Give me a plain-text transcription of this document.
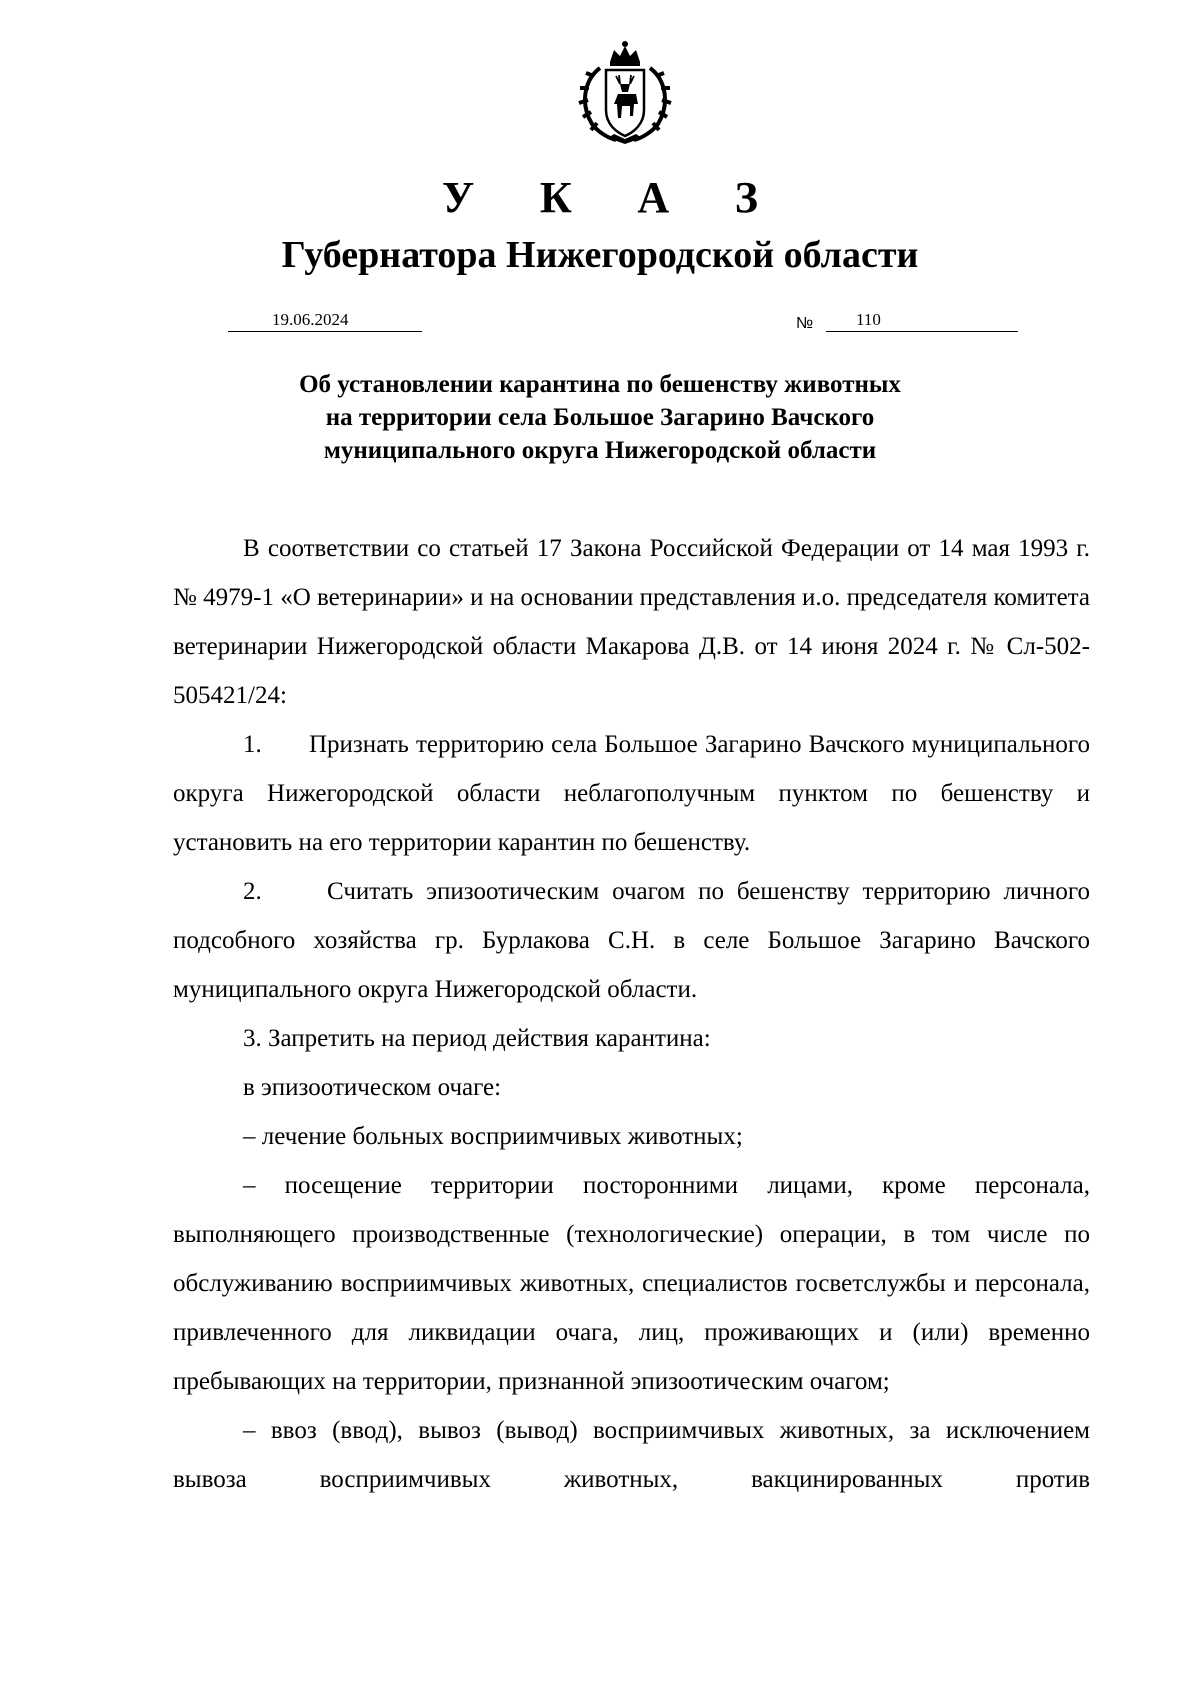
У К А З
Губернатора Нижегородской области
19.06.2024	№	110
Об установлении карантина по бешенству животных
на территории села Большое Загарино Вачского
муниципального округа Нижегородской области

В соответствии со статьей 17 Закона Российской Федерации от 14 мая 1993 г. № 4979-1 «О ветеринарии» и на основании представления и.о. председателя комитета ветеринарии Нижегородской области Макарова Д.В. от 14 июня 2024 г. № Сл-502-505421/24:

1. Признать территорию села Большое Загарино Вачского муниципального округа Нижегородской области неблагополучным пунктом по бешенству и установить на его территории карантин по бешенству.

2.	Считать эпизоотическим очагом по бешенству территорию личного подсобного хозяйства гр. Бурлакова С.Н. в селе Большое Загарино Вачского муниципального округа Нижегородской области.

3. Запретить на период действия карантина:

в эпизоотическом очаге:

– лечение больных восприимчивых животных;

– посещение территории посторонними лицами, кроме персонала, выполняющего производственные (технологические) операции, в том числе по обслуживанию восприимчивых животных, специалистов госветслужбы и персонала, привлеченного для ликвидации очага, лиц, проживающих и (или) временно пребывающих на территории, признанной эпизоотическим очагом;

– ввоз (ввод), вывоз (вывод) восприимчивых животных, за исключением вывоза восприимчивых животных, вакцинированных против
